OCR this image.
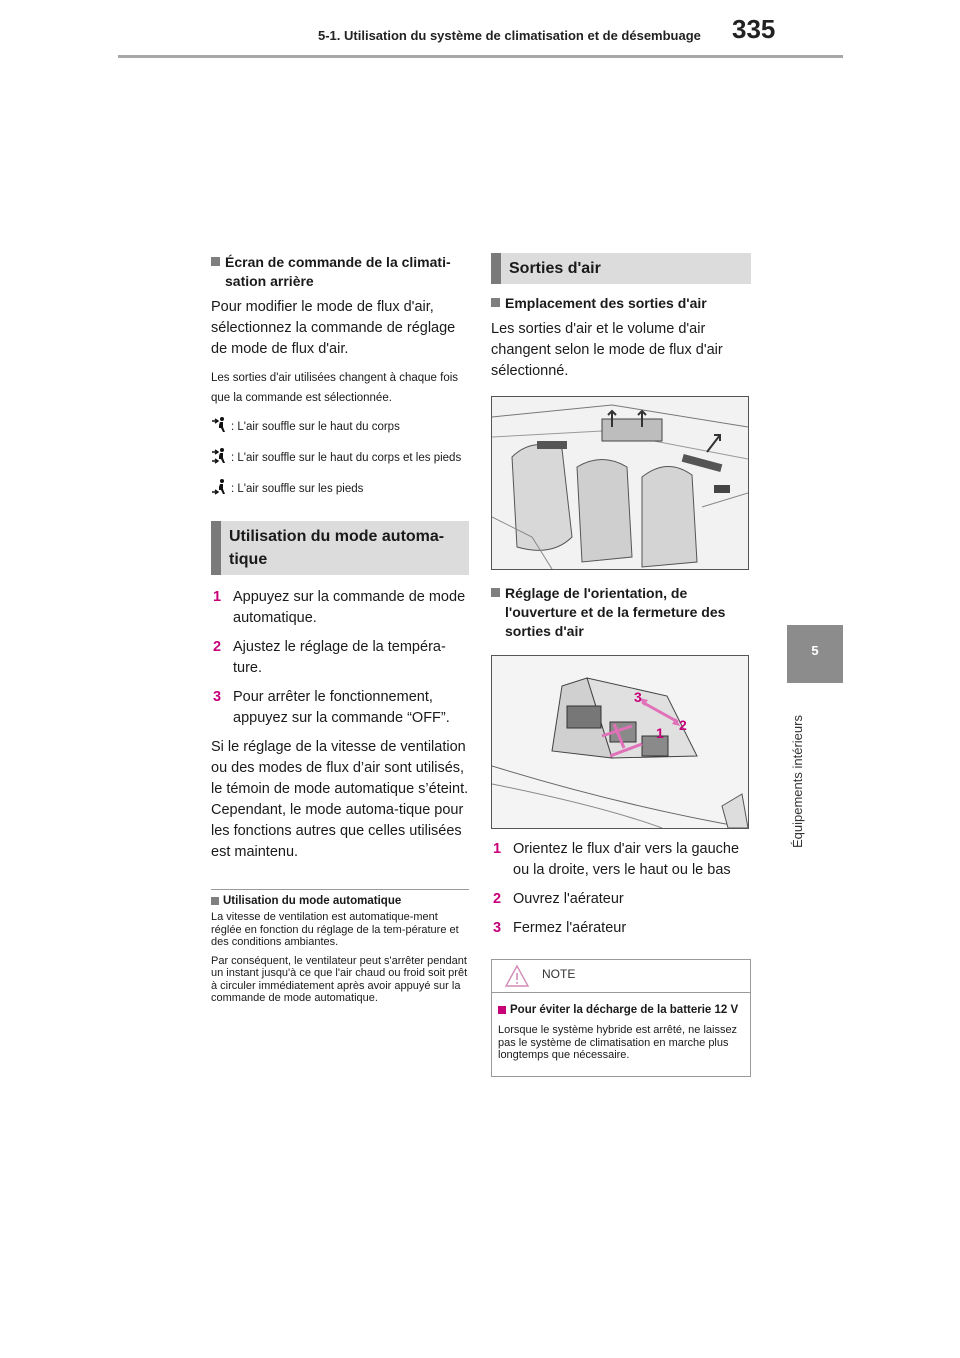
5-1. Utilisation du système de climatisation et de désembuage 335
5
Équipements intérieurs
Écran de commande de la climati-sation arrière

Pour modifier le mode de flux d'air, sélectionnez la commande de réglage de mode de flux d'air.

Les sorties d'air utilisées changent à chaque fois que la commande est sélectionnée.

: L'air souffle sur le haut du corps
: L'air souffle sur le haut du corps et les pieds
: L'air souffle sur les pieds
Utilisation du mode automa-tique
1 Appuyez sur la commande de mode automatique.
2 Ajustez le réglage de la tempéra-ture.
3 Pour arrêter le fonctionnement, appuyez sur la commande “OFF”.

Si le réglage de la vitesse de ventilation ou des modes de flux d’air sont utilisés, le témoin de mode automatique s’éteint. Cependant, le mode automa-tique pour les fonctions autres que celles utilisées est maintenu.

Utilisation du mode automatique

La vitesse de ventilation est automatique-ment réglée en fonction du réglage de la tem-pérature et des conditions ambiantes.

Par conséquent, le ventilateur peut s'arrêter pendant un instant jusqu'à ce que l'air chaud ou froid soit prêt à circuler immédiatement après avoir appuyé sur la commande de mode automatique.

Sorties d'air
Emplacement des sorties d'air

Les sorties d'air et le volume d'air changent selon le mode de flux d'air sélectionné.

Réglage de l'orientation, de l'ouverture et de la fermeture des sorties d'air
3
2
1
1 Orientez le flux d'air vers la gauche ou la droite, vers le haut ou le bas
2 Ouvrez l'aérateur
3 Fermez l'aérateur
NOTE
Pour éviter la décharge de la batterie 12 V

Lorsque le système hybride est arrêté, ne laissez pas le système de climatisation en marche plus longtemps que nécessaire.
